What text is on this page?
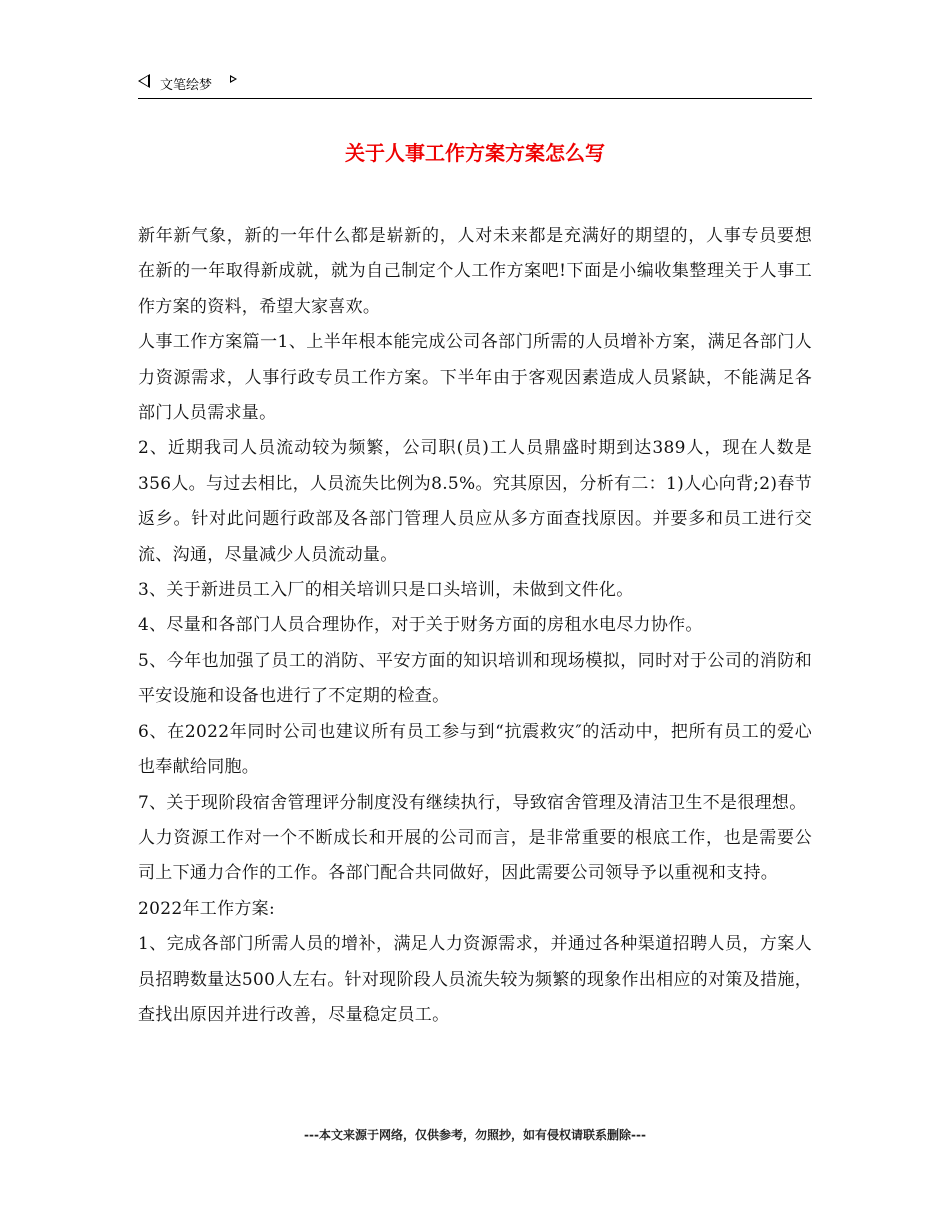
文笔绘梦
关于人事工作方案方案怎么写

新年新气象，新的一年什么都是崭新的，人对未来都是充满好的期望的，人事专员要想在新的一年取得新成就，就为自己制定个人工作方案吧!下面是小编收集整理关于人事工作方案的资料，希望大家喜欢。

人事工作方案篇一1、上半年根本能完成公司各部门所需的人员增补方案，满足各部门人力资源需求，人事行政专员工作方案。下半年由于客观因素造成人员紧缺，不能满足各部门人员需求量。

2、近期我司人员流动较为频繁，公司职(员)工人员鼎盛时期到达389人，现在人数是356人。与过去相比，人员流失比例为8.5%。究其原因，分析有二：1)人心向背;2)春节返乡。针对此问题行政部及各部门管理人员应从多方面查找原因。并要多和员工进行交流、沟通，尽量减少人员流动量。

3、关于新进员工入厂的相关培训只是口头培训，未做到文件化。

4、尽量和各部门人员合理协作，对于关于财务方面的房租水电尽力协作。

5、今年也加强了员工的消防、平安方面的知识培训和现场模拟，同时对于公司的消防和平安设施和设备也进行了不定期的检查。

6、在2022年同时公司也建议所有员工参与到“抗震救灾″的活动中，把所有员工的爱心也奉献给同胞。

7、关于现阶段宿舍管理评分制度没有继续执行，导致宿舍管理及清洁卫生不是很理想。

人力资源工作对一个不断成长和开展的公司而言，是非常重要的根底工作，也是需要公司上下通力合作的工作。各部门配合共同做好，因此需要公司领导予以重视和支持。

2022年工作方案:

1、完成各部门所需人员的增补，满足人力资源需求，并通过各种渠道招聘人员，方案人员招聘数量达500人左右。针对现阶段人员流失较为频繁的现象作出相应的对策及措施，查找出原因并进行改善，尽量稳定员工。

---本文来源于网络，仅供参考，勿照抄，如有侵权请联系删除---
